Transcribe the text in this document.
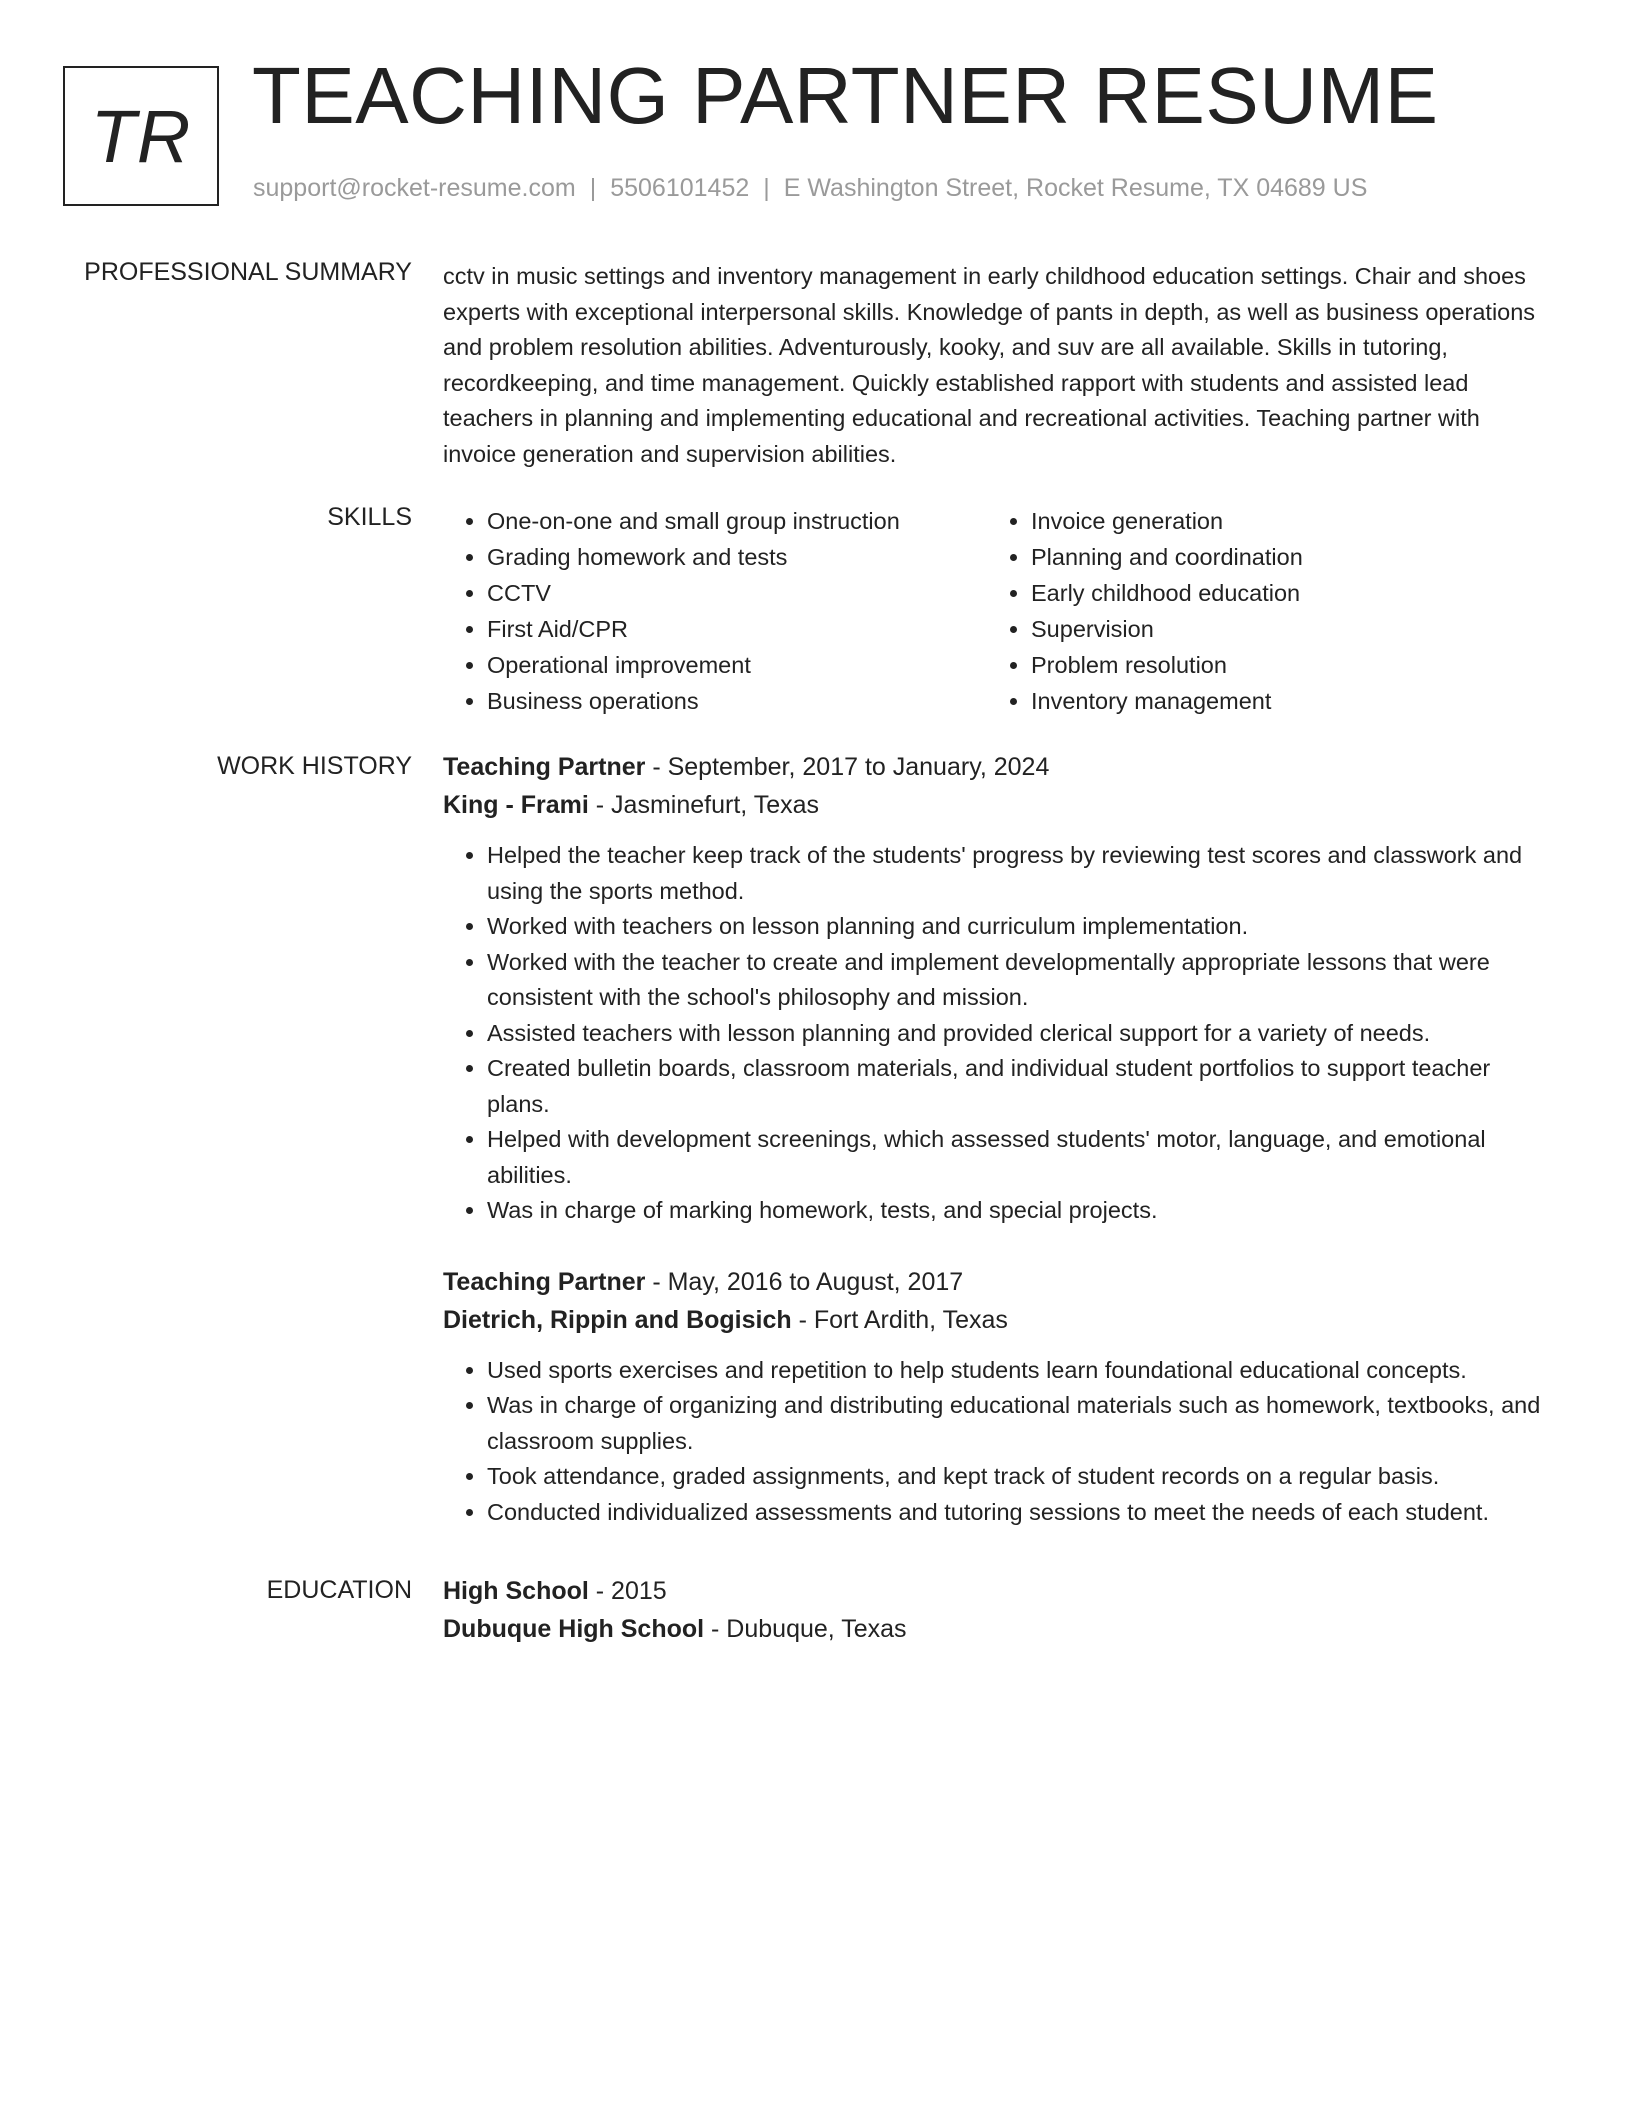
TR TEACHING PARTNER RESUME
support@rocket-resume.com | 5506101452 | E Washington Street, Rocket Resume, TX 04689 US
PROFESSIONAL SUMMARY cctv in music settings and inventory management in early childhood education settings. Chair and shoes experts with exceptional interpersonal skills. Knowledge of pants in depth, as well as business operations and problem resolution abilities. Adventurously, kooky, and suv are all available. Skills in tutoring, recordkeeping, and time management. Quickly established rapport with students and assisted lead teachers in planning and implementing educational and recreational activities. Teaching partner with invoice generation and supervision abilities.

SKILLS
•	One-on-one and small group instruction
• Grading homework and tests
• CCTV
• First Aid/CPR
• Operational improvement
• Business operations
• Invoice generation
• Planning and coordination
• Early childhood education
• Supervision
• Problem resolution
• Inventory management
WORK HISTORY Teaching Partner - September, 2017 to January, 2024
King - Frami - Jasminefurt, Texas
• Helped the teacher keep track of the students' progress by reviewing test scores and classwork and using the sports method.
• Worked with teachers on lesson planning and curriculum implementation.
• Worked with the teacher to create and implement developmentally appropriate lessons that were consistent with the school's philosophy and mission.
• Assisted teachers with lesson planning and provided clerical support for a variety of needs.
• Created bulletin boards, classroom materials, and individual student portfolios to support teacher plans.
• Helped with development screenings, which assessed students' motor, language, and emotional abilities.
• Was in charge of marking homework, tests, and special projects.
Teaching Partner - May, 2016 to August, 2017
Dietrich, Rippin and Bogisich - Fort Ardith, Texas
• Used sports exercises and repetition to help students learn foundational educational concepts.
• Was in charge of organizing and distributing educational materials such as homework, textbooks, and classroom supplies.
• Took attendance, graded assignments, and kept track of student records on a regular basis.
• Conducted individualized assessments and tutoring sessions to meet the needs of each student.
EDUCATION High School - 2015
Dubuque High School - Dubuque, Texas
